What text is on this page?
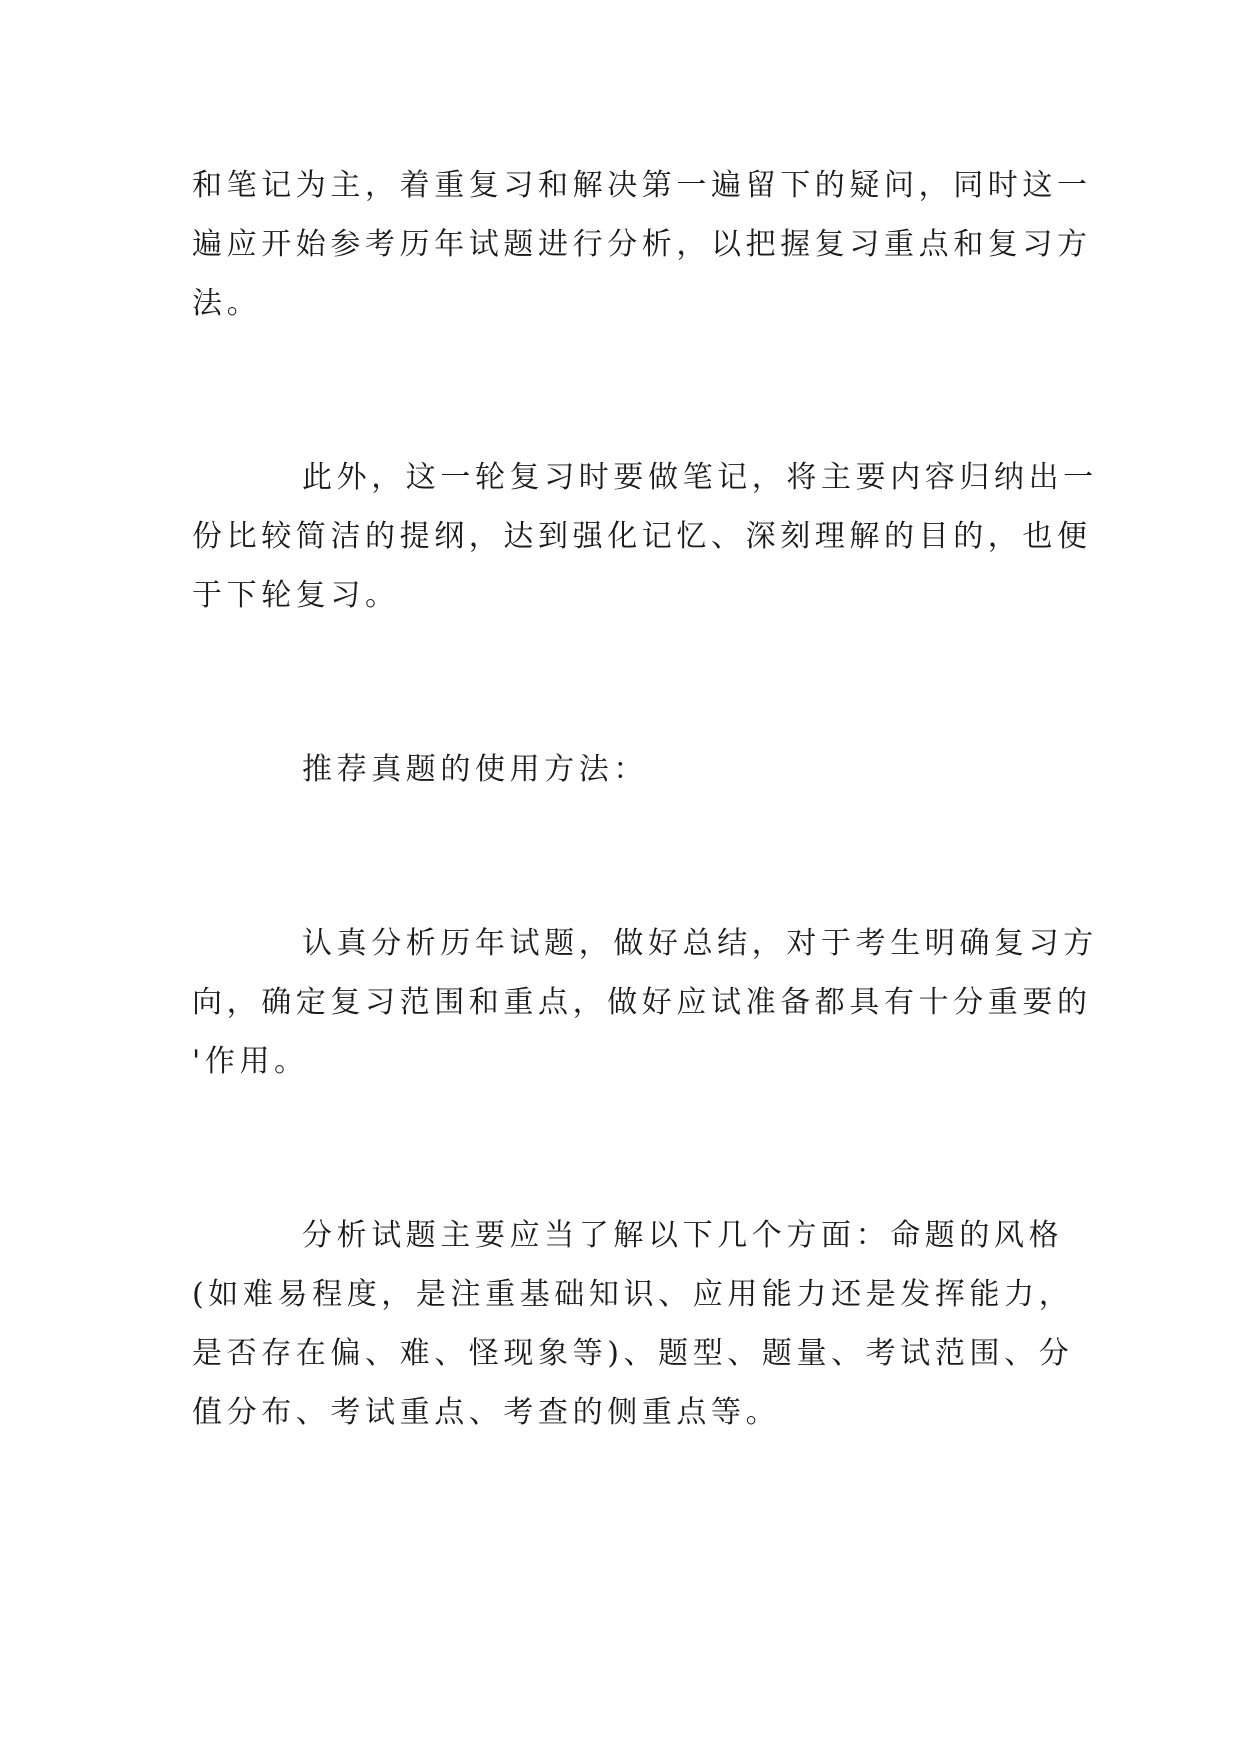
和笔记为主，着重复习和解决第一遍留下的疑问，同时这一
遍应开始参考历年试题进行分析，以把握复习重点和复习方
法。
此外，这一轮复习时要做笔记，将主要内容归纳出一
份比较简洁的提纲，达到强化记忆、深刻理解的目的，也便
于下轮复习。
推荐真题的使用方法：
认真分析历年试题，做好总结，对于考生明确复习方
向，确定复习范围和重点，做好应试准备都具有十分重要的
'作用。
分析试题主要应当了解以下几个方面：命题的风格
(如难易程度，是注重基础知识、应用能力还是发挥能力，
是否存在偏、难、怪现象等)、题型、题量、考试范围、分
值分布、考试重点、考查的侧重点等。
